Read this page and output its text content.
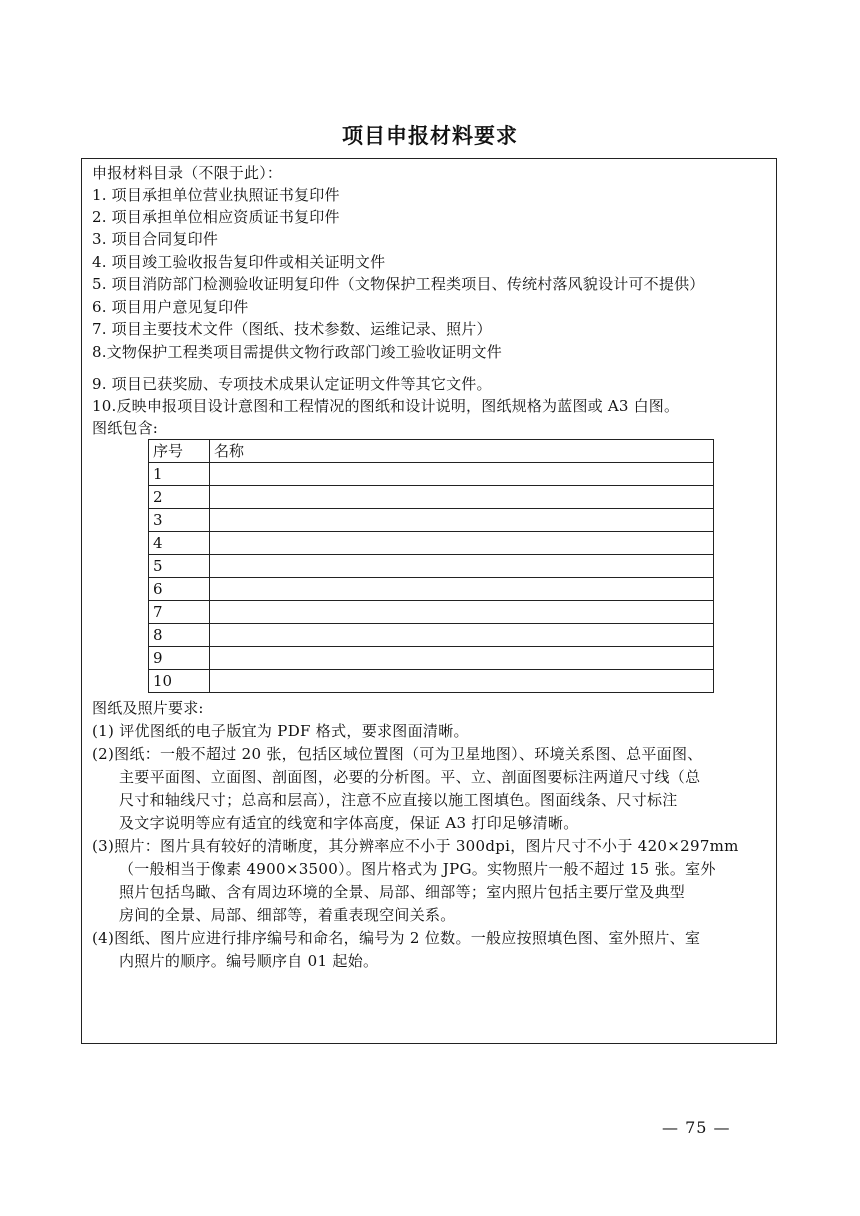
项目申报材料要求
申报材料目录（不限于此）：
1. 项目承担单位营业执照证书复印件
2. 项目承担单位相应资质证书复印件
3. 项目合同复印件
4. 项目竣工验收报告复印件或相关证明文件
5. 项目消防部门检测验收证明复印件（文物保护工程类项目、传统村落风貌设计可不提供）
6. 项目用户意见复印件
7. 项目主要技术文件（图纸、技术参数、运维记录、照片）
8.文物保护工程类项目需提供文物行政部门竣工验收证明文件
9. 项目已获奖励、专项技术成果认定证明文件等其它文件。
10.反映申报项目设计意图和工程情况的图纸和设计说明，图纸规格为蓝图或 A3 白图。
图纸包含:
序号	名称
1	
2	
3	
4	
5	
6	
7	
8	
9	
10	
图纸及照片要求:
(1) 评优图纸的电子版宜为 PDF 格式，要求图面清晰。
(2)图纸：一般不超过 20 张，包括区域位置图（可为卫星地图）、环境关系图、总平面图、

主要平面图、立面图、剖面图，必要的分析图。平、立、剖面图要标注两道尺寸线（总
尺寸和轴线尺寸；总高和层高），注意不应直接以施工图填色。图面线条、尺寸标注
及文字说明等应有适宜的线宽和字体高度，保证 A3 打印足够清晰。
(3)照片：图片具有较好的清晰度，其分辨率应不小于 300dpi，图片尺寸不小于 420×297mm

（一般相当于像素 4900×3500）。图片格式为 JPG。实物照片一般不超过 15 张。室外
照片包括鸟瞰、含有周边环境的全景、局部、细部等；室内照片包括主要厅堂及典型
房间的全景、局部、细部等，着重表现空间关系。
(4)图纸、图片应进行排序编号和命名，编号为 2 位数。一般应按照填色图、室外照片、室

内照片的顺序。编号顺序自 01 起始。
— 75 —
